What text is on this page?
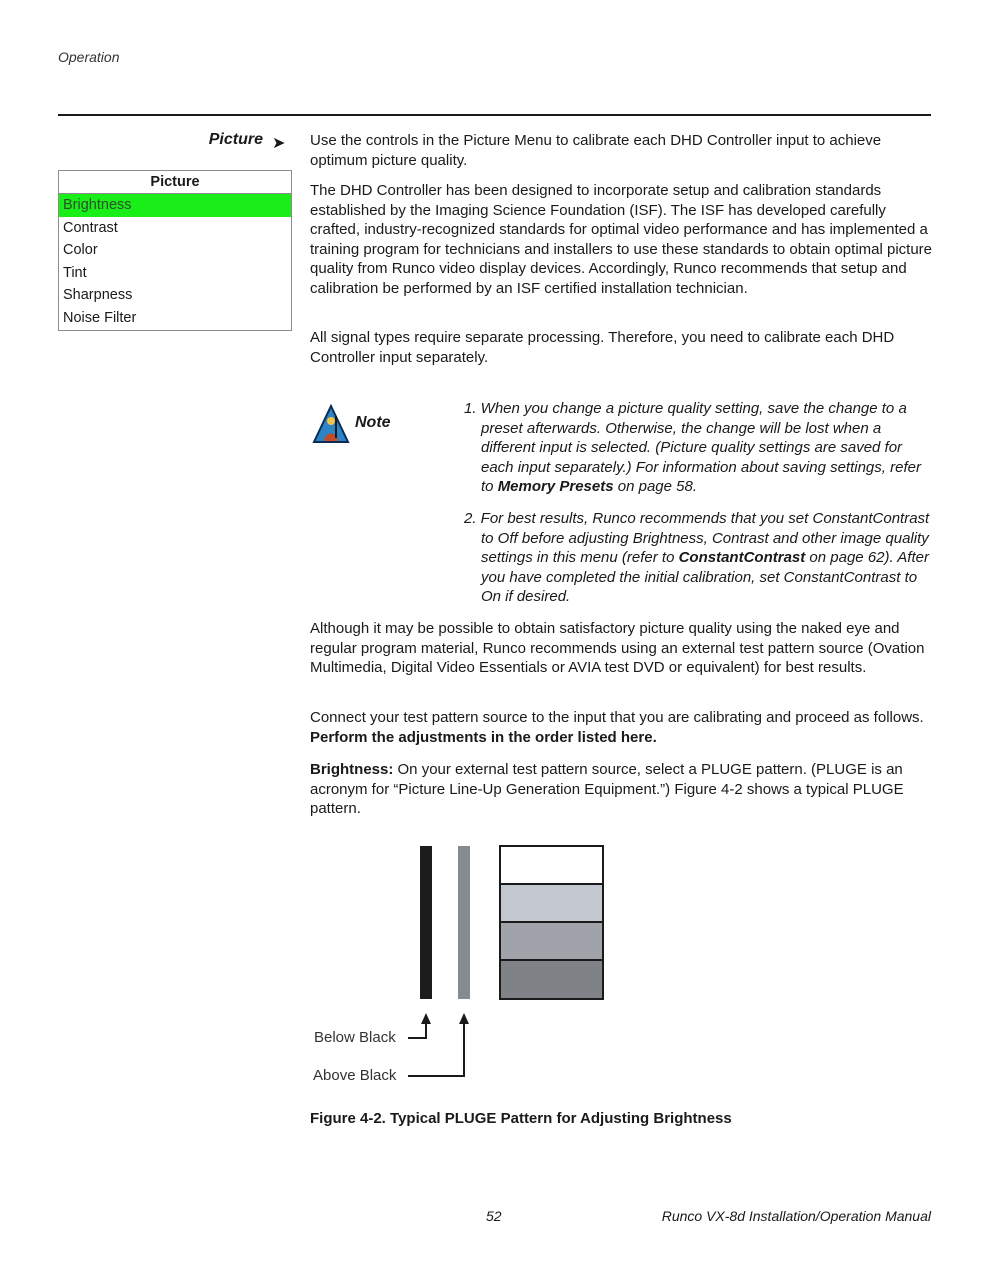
Operation
Picture ➤
Picture
Brightness
Contrast
Color
Tint
Sharpness
Noise Filter

Use the controls in the Picture Menu to calibrate each DHD Controller input to achieve optimum picture quality.

The DHD Controller has been designed to incorporate setup and calibration standards established by the Imaging Science Foundation (ISF). The ISF has developed carefully crafted, industry-recognized standards for optimal video performance and has implemented a training program for technicians and installers to use these standards to obtain optimal picture quality from Runco video display devices. Accordingly, Runco recommends that setup and calibration be performed by an ISF certified installation technician.

All signal types require separate processing. Therefore, you need to calibrate each DHD Controller input separately.

Note
1. When you change a picture quality setting, save the change to a preset afterwards. Otherwise, the change will be lost when a different input is selected. (Picture quality settings are saved for each input separately.) For information about saving settings, refer to Memory Presets on page 58.
2. For best results, Runco recommends that you set ConstantContrast to Off before adjusting Brightness, Contrast and other image quality settings in this menu (refer to ConstantContrast on page 62). After you have completed the initial calibration, set ConstantContrast to On if desired.

Although it may be possible to obtain satisfactory picture quality using the naked eye and regular program material, Runco recommends using an external test pattern source (Ovation Multimedia, Digital Video Essentials or AVIA test DVD or equivalent) for best results.

Connect your test pattern source to the input that you are calibrating and proceed as follows. Perform the adjustments in the order listed here.

Brightness: On your external test pattern source, select a PLUGE pattern. (PLUGE is an acronym for “Picture Line-Up Generation Equipment.”) Figure 4-2 shows a typical PLUGE pattern.

Below Black
Above Black
Figure 4-2. Typical PLUGE Pattern for Adjusting Brightness
52	Runco VX-8d Installation/Operation Manual
